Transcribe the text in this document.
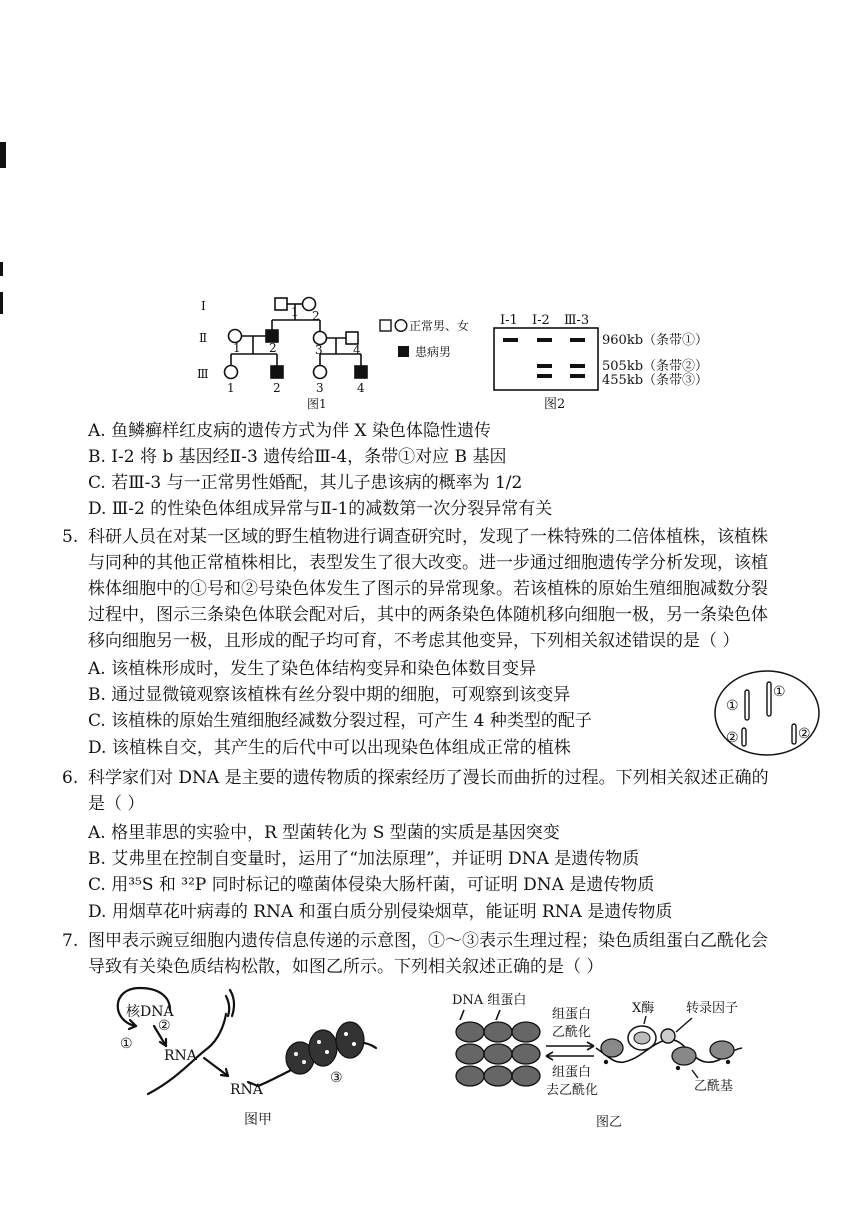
I
Ⅱ
Ⅲ
1 2
1 2	3	4
1	2	3	4
图1
正常男、女
患病男
I-1 I-2 Ⅲ-3
960kb（条带①）
505kb（条带②）
455kb（条带③）
图2
A. 鱼鳞癣样红皮病的遗传方式为伴 X 染色体隐性遗传
B. I-2 将 b 基因经Ⅱ-3 遗传给Ⅲ-4，条带①对应 B 基因
C. 若Ⅲ-3 与一正常男性婚配，其儿子患该病的概率为 1/2
D. Ⅲ-2 的性染色体组成异常与Ⅱ-1的减数第一次分裂异常有关
5. 科研人员在对某一区域的野生植物进行调查研究时，发现了一株特殊的二倍体植株，该植株
与同种的其他正常植株相比，表型发生了很大改变。进一步通过细胞遗传学分析发现，该植
株体细胞中的①号和②号染色体发生了图示的异常现象。若该植株的原始生殖细胞减数分裂
过程中，图示三条染色体联会配对后，其中的两条染色体随机移向细胞一极，另一条染色体
移向细胞另一极，且形成的配子均可育，不考虑其他变异，下列相关叙述错误的是（ ）
A. 该植株形成时，发生了染色体结构变异和染色体数目变异
B. 通过显微镜观察该植株有丝分裂中期的细胞，可观察到该变异
C. 该植株的原始生殖细胞经减数分裂过程，可产生 4 种类型的配子
D. 该植株自交，其产生的后代中可以出现染色体组成正常的植株
①
①
②	②
6. 科学家们对 DNA 是主要的遗传物质的探索经历了漫长而曲折的过程。下列相关叙述正确的
是（ ）
A. 格里菲思的实验中，R 型菌转化为 S 型菌的实质是基因突变
B. 艾弗里在控制自变量时，运用了“加法原理”，并证明 DNA 是遗传物质
C. 用³⁵S 和 ³²P 同时标记的噬菌体侵染大肠杆菌，可证明 DNA 是遗传物质
D. 用烟草花叶病毒的 RNA 和蛋白质分别侵染烟草，能证明 RNA 是遗传物质
7. 图甲表示豌豆细胞内遗传信息传递的示意图，①～③表示生理过程；染色质组蛋白乙酰化会
导致有关染色质结构松散，如图乙所示。下列相关叙述正确的是（ ）
核DNA
②
①
RNA
RNA
③
图甲
DNA 组蛋白
组蛋白
乙酰化
组蛋白
去乙酰化
X酶 转录因子
乙酰基
图乙
